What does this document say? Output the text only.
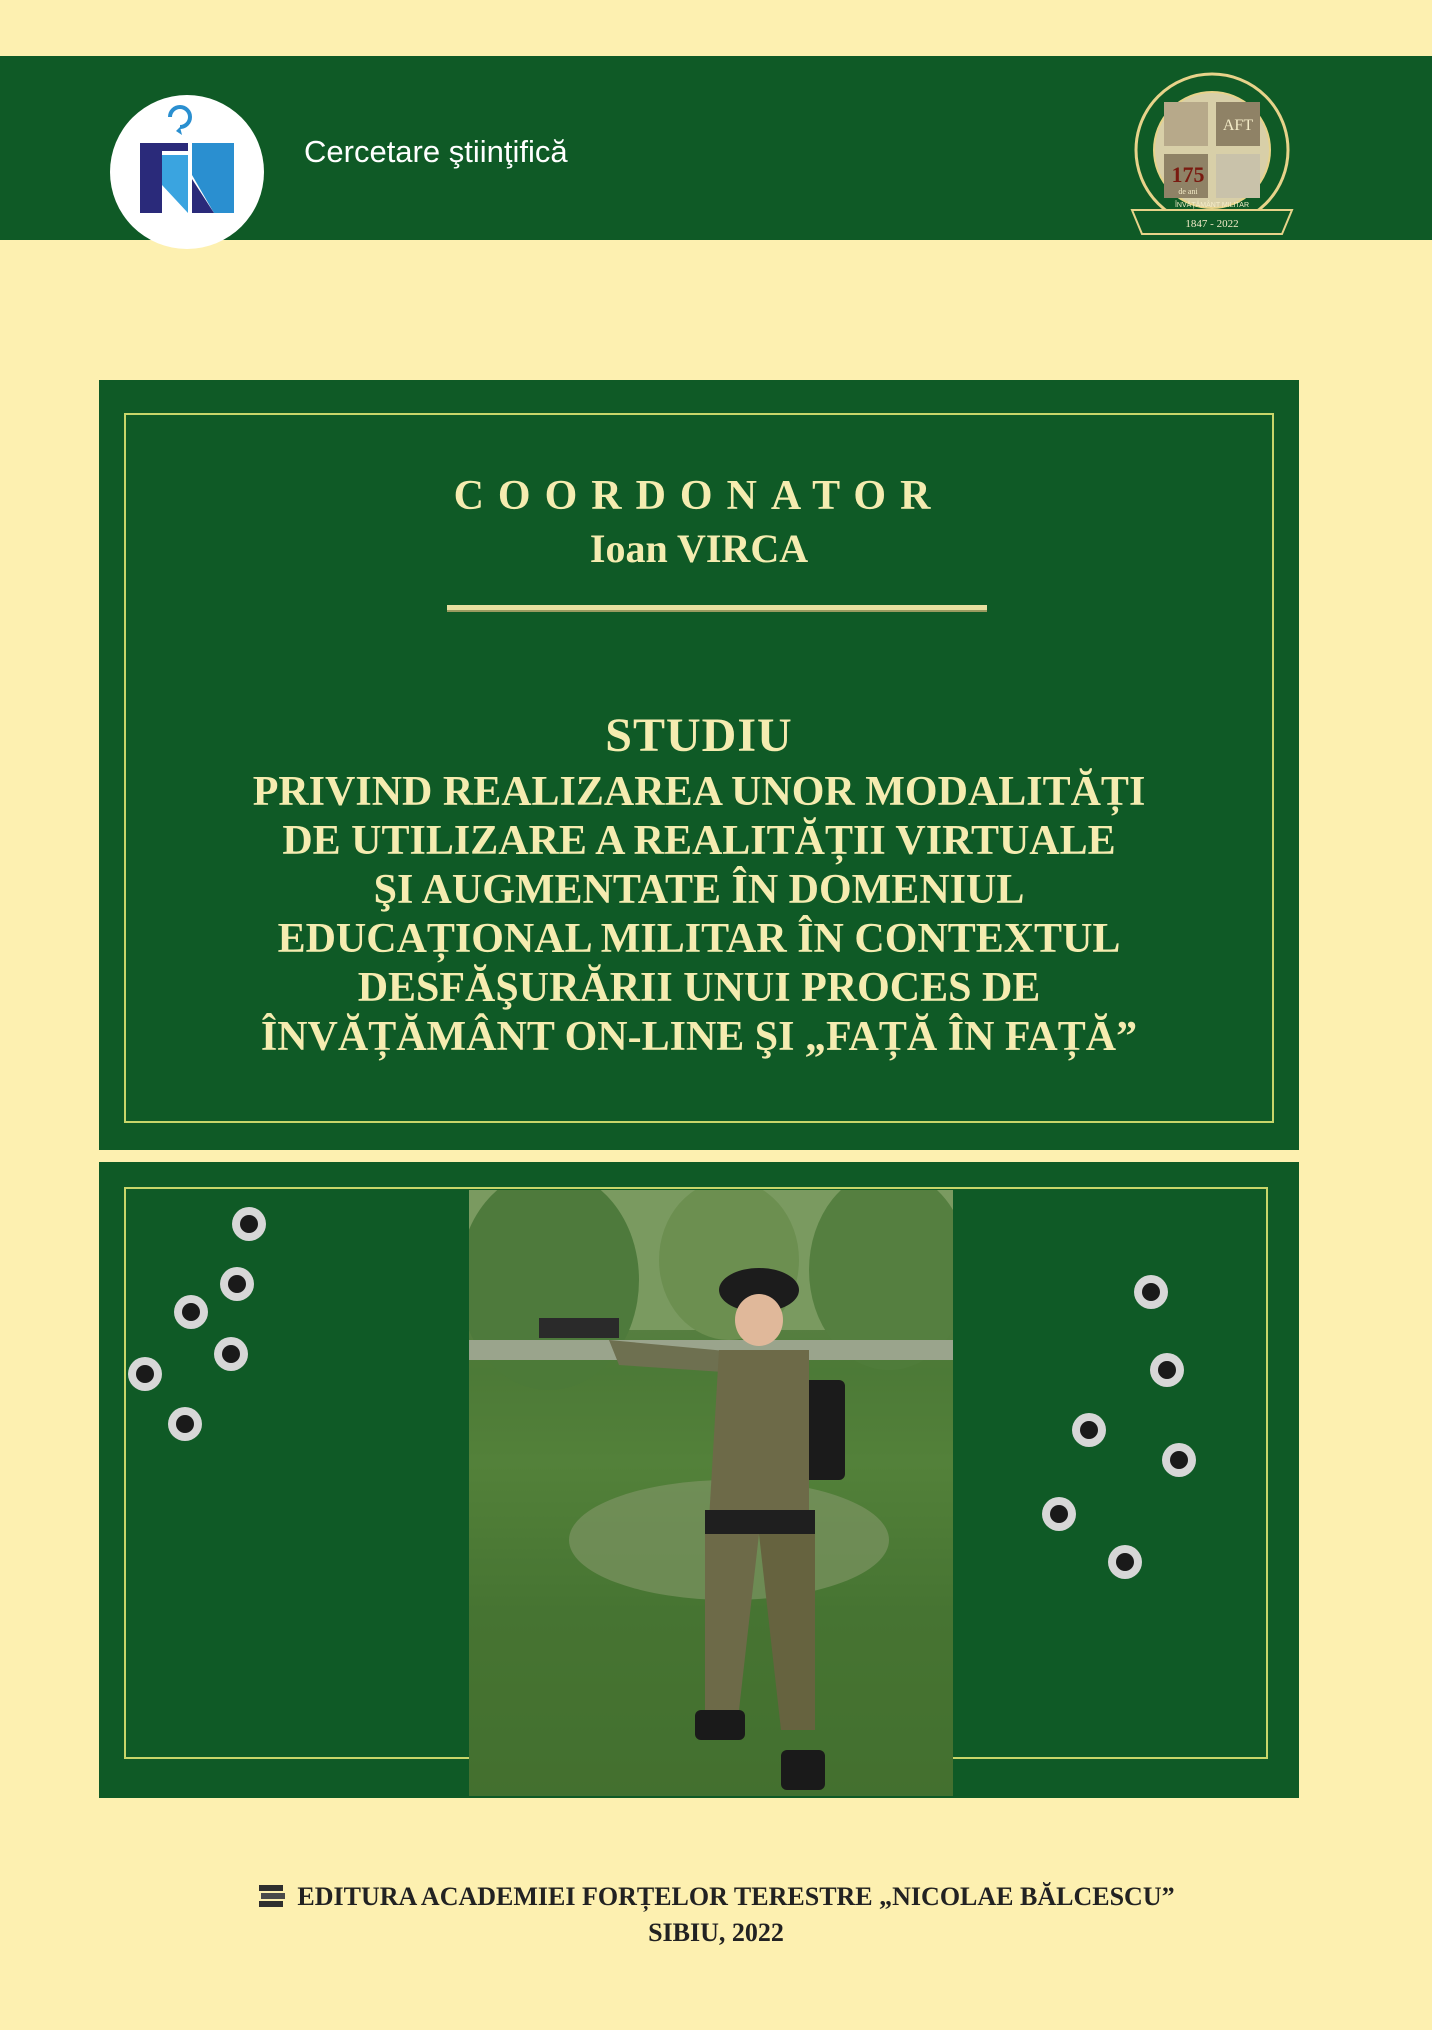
Cercetare ştiinţifică
AFT
175
de ani
ÎNVĂŢĂMÂNT MILITAR
1847 - 2022
COORDONATOR
Ioan VIRCA
STUDIU
PRIVIND REALIZAREA UNOR MODALITĂȚI
DE UTILIZARE A REALITĂȚII VIRTUALE
ŞI AUGMENTATE ÎN DOMENIUL
EDUCAȚIONAL MILITAR ÎN CONTEXTUL
DESFĂŞURĂRII UNUI PROCES DE
ÎNVĂȚĂMÂNT ON-LINE ŞI „FAȚĂ ÎN FAȚĂ”
EDITURA ACADEMIEI FORȚELOR TERESTRE „NICOLAE BĂLCESCU”
SIBIU, 2022
